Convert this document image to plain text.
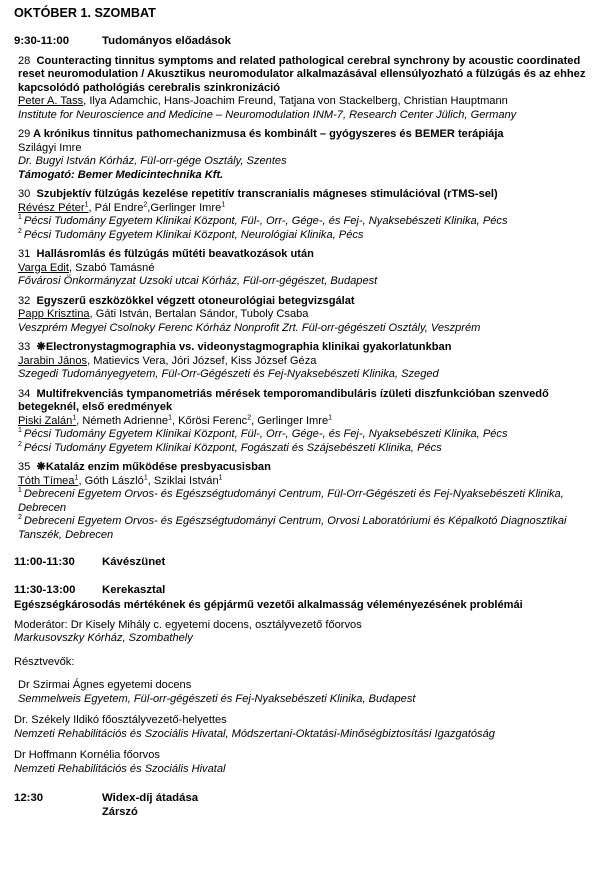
OKTÓBER 1. SZOMBAT
9:30-11:00	Tudományos előadások
28 Counteracting tinnitus symptoms and related pathological cerebral synchrony by acoustic coordinated reset neuromodulation / Akusztikus neuromodulator alkalmazásával ellensúlyozható a fülzúgás és az ehhez kapcsolódó pathológiás cerebralis szinkronizáció
Peter A. Tass, Ilya Adamchic, Hans-Joachim Freund, Tatjana von Stackelberg, Christian Hauptmann
Institute for Neuroscience and Medicine – Neuromodulation INM-7, Research Center Jülich, Germany
29 A krónikus tinnitus pathomechanizmusa és kombinált – gyógyszeres és BEMER terápiája
Szilágyi Imre
Dr. Bugyi István Kórház, Fül-orr-gége Osztály, Szentes
Támogató: Bemer Medicintechnika Kft.
30 Szubjektív fülzúgás kezelése repetitív transcranialis mágneses stimulációval (rTMS-sel)
Révész Péter$^1$, Pál Endre$^2$,Gerlinger Imre$^1$
$^1$ Pécsi Tudomány Egyetem Klinikai Központ, Fül-, Orr-, Gége-, és Fej-, Nyaksebészeti Klinika, Pécs
$^2$ Pécsi Tudomány Egyetem Klinikai Központ, Neurológiai Klinika, Pécs
31 Hallásromlás és fülzúgás műtéti beavatkozások után
Varga Edit, Szabó Tamásné
Fővárosi Önkormányzat Uzsoki utcai Kórház, Fül-orr-gégészet, Budapest
32 Egyszerű eszközökkel végzett otoneurológiai betegvizsgálat
Papp Krisztina, Gáti István, Bertalan Sándor, Tuboly Csaba
Veszprém Megyei Csolnoky Ferenc Kórház Nonprofit Zrt. Fül-orr-gégészeti Osztály, Veszprém
33 ❋Electronystagmographia vs. videonystagmographia klinikai gyakorlatunkban
Jarabin János, Matievics Vera, Jóri József, Kiss József Géza
Szegedi Tudományegyetem, Fül-Orr-Gégészeti és Fej-Nyaksebészeti Klinika, Szeged
34 Multifrekvenciás tympanometriás mérések temporomandibuláris ízületi diszfunkcióban szenvedő betegeknél, első eredmények
Piski Zalán$^1$, Németh Adrienne$^1$, Kőrösi Ferenc$^2$, Gerlinger Imre$^1$
$^1$ Pécsi Tudomány Egyetem Klinikai Központ, Fül-, Orr-, Gége-, és Fej-, Nyaksebészeti Klinika, Pécs
$^2$ Pécsi Tudomány Egyetem Klinikai Központ, Fogászati és Szájsebészeti Klinika, Pécs
35 ❋Kataláz enzim működése presbyacusisban
Tóth Tímea$^1$, Góth László$^1$, Sziklai István$^1$
$^1$ Debreceni Egyetem Orvos- és Egészségtudományi Centrum, Fül-Orr-Gégészeti és Fej-Nyaksebészeti Klinika, Debrecen
$^2$ Debreceni Egyetem Orvos- és Egészségtudományi Centrum, Orvosi Laboratóriumi és Képalkotó Diagnosztikai Tanszék, Debrecen
11:00-11:30	Kávészünet
11:30-13:00	Kerekasztal
Egészségkárosodás mértékének és gépjármű vezetői alkalmasság véleményezésének problémái
Moderátor: Dr Kisely Mihály c. egyetemi docens, osztályvezető főorvos
Markusovszky Kórház, Szombathely
Résztvevők:
Dr Szirmai Ágnes egyetemi docens
Semmelweis Egyetem, Fül-orr-gégészeti és Fej-Nyaksebészeti Klinika, Budapest
Dr. Székely Ildikó főosztályvezető-helyettes
Nemzeti Rehabilitációs és Szociális Hivatal, Módszertani-Oktatási-Minőségbiztosítási Igazgatóság
Dr Hoffmann Kornélia főorvos
Nemzeti Rehabilitációs és Szociális Hivatal
12:30	Widex-díj átadása
Zárszó
